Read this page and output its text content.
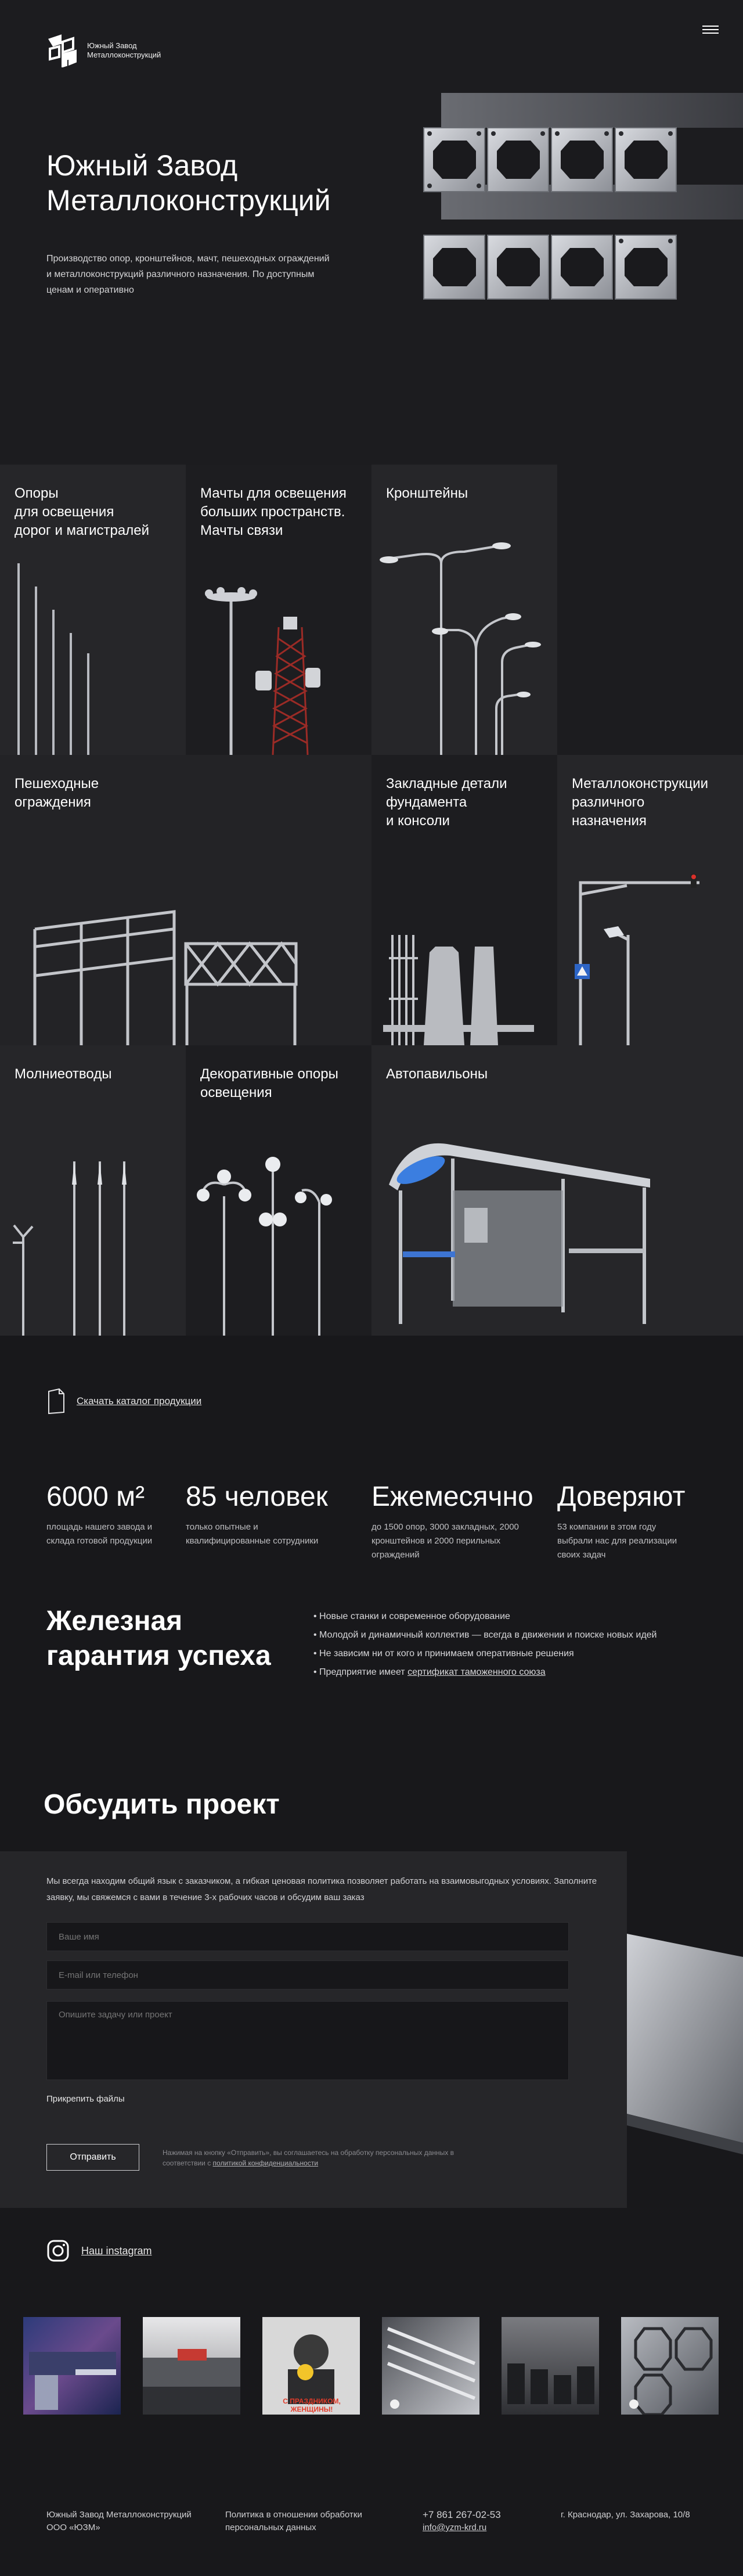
Южный Завод
Металлоконструкций
Южный Завод
Металлоконструкций

Производство опор, кронштейнов, мачт, пешеходных ограждений и металлоконструкций различного назначения. По доступным ценам и оперативно

Опоры
для освещения
дорог и магистралей
Мачты для освещения
больших пространств.
Мачты связи
Кронштейны
Пешеходные
ограждения
Закладные детали
фундамента
и консоли
Металлоконструкции
различного
назначения
Молниеотводы	Декоративные опоры
освещения
Автопавильоны
Скачать каталог продукции
6000 м²
площадь нашего завода и склада готовой продукции
85 человек
только опытные и квалифицированные сотрудники
Ежемесячно
до 1500 опор, 3000 закладных, 2000 кронштейнов и 2000 перильных ограждений
Доверяют
53 компании в этом году выбрали нас для реализации своих задач
Железная
гарантия успеха
• Новые станки и современное оборудование
• Молодой и динамичный коллектив — всегда в движении и поиске новых идей
• Не зависим ни от кого и принимаем оперативные решения
• Предприятие имеет сертификат таможенного союза
Обсудить проект

Мы всегда находим общий язык с заказчиком, а гибкая ценовая политика позволяет работать на взаимовыгодных условиях. Заполните заявку, мы свяжемся с вами в течение 3-х рабочих часов и обсудим ваш заказ

Ваше имя
E-mail или телефон
Опишите задачу или проект
Прикрепить файлы
Отправить	Нажимая на кнопку «Отправить», вы соглашаетесь на обработку персональных данных в соответствии с политикой конфиденциальности

Наш instagram
С ПРАЗДНИКОМ, ЖЕНЩИНЫ!
Южный Завод Металлоконструкций
ООО «ЮЗМ»
Политика в отношении обработки
персональных данных
+7 861 267-02-53
info@yzm-krd.ru
г. Краснодар, ул. Захарова, 10/8
